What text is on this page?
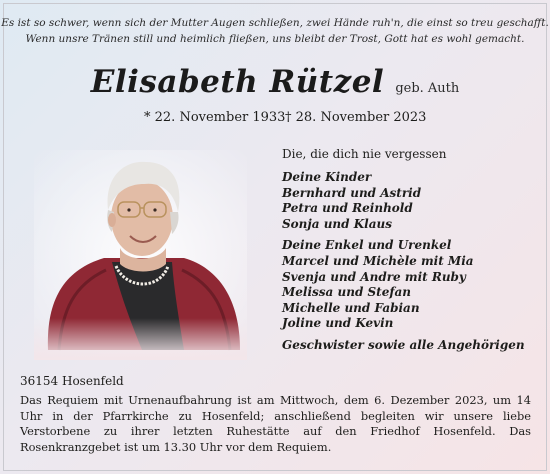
Es ist so schwer, wenn sich der Mutter Augen schließen, zwei Hände ruh'n, die einst so treu geschafft.
Wenn unsre Tränen still und heimlich fließen, uns bleibt der Trost, Gott hat es wohl gemacht.
Elisabeth Rützel geb. Auth
* 22. November 1933 † 28. November 2023
Die, die dich nie vergessen
Deine Kinder
Bernhard und Astrid
Petra und Reinhold
Sonja und Klaus
Deine Enkel und Urenkel
Marcel und Michèle mit Mia
Svenja und Andre mit Ruby
Melissa und Stefan
Michelle und Fabian
Joline und Kevin
Geschwister sowie alle Angehörigen
36154 Hosenfeld
Das Requiem mit Urnenaufbahrung ist am Mittwoch, dem 6. Dezember 2023, um 14 Uhr in der Pfarrkirche zu Hosenfeld; anschließend begleiten wir unsere liebe Verstorbene zu ihrer letzten Ruhestätte auf den Friedhof Hosenfeld. Das Rosenkranzgebet ist um 13.30 Uhr vor dem Requiem.
